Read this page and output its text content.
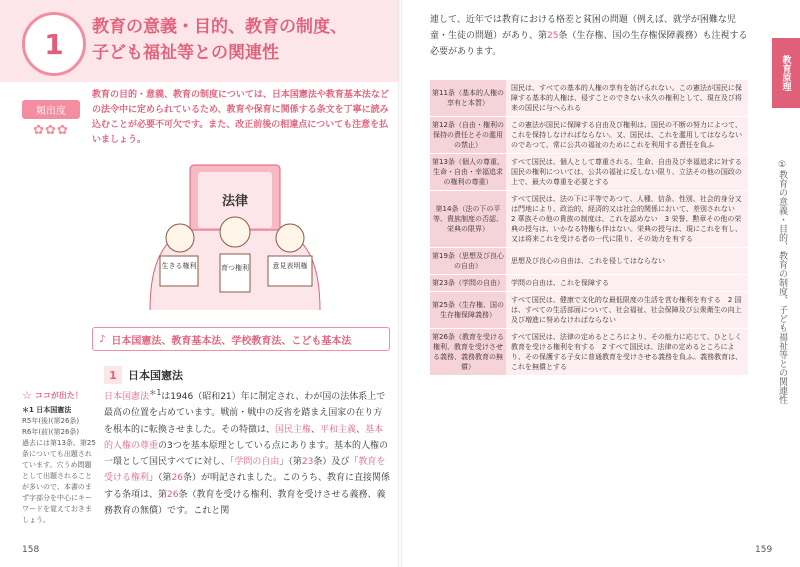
1
教育の意義・目的、教育の制度、
子ども福祉等との関連性
頻出度
✿✿✿
教育の目的・意義、教育の制度については、日本国憲法や教育基本法などの法令中に定められているため、教育や保育に関係する条文を丁寧に読み込むことが必要不可欠です。また、改正前後の相違点についても注意を払いましょう。
法律
生きる権利	育つ権利	意見表明権
♪ 日本国憲法、教育基本法、学校教育法、こども基本法
1	日本国憲法
☆ ココが出た！
＊1 日本国憲法
R5年(後)(第26条)
R6年(前)(第26条)
過去には第13条、第25条についても出題されています。穴うめ問題として出題されることが多いので、本書のまず字部分を中心にキーワードを覚えておきましょう。
日本国憲法$^{*1}$は1946（昭和21）年に制定され、わが国の法体系上で最高の位置を占めています。戦前・戦中の反省を踏まえ国家の在り方を根本的に転換させました。その特徴は、国民主権、平和主義、基本的人権の尊重の3つを基本原理としている点にあります。基本的人権の一環として国民すべてに対し、「学問の自由」（第23条）及び「教育を受ける権利」（第26条）が明記されました。このうち、教育に直接関係する条項は、第26条（教育を受ける権利、教育を受けさせる義務、義務教育の無償）です。これと関
158
連して、近年では教育における格差と貧困の問題（例えば、就学が困難な児童・生徒の問題）があり、第25条（生存権、国の生存権保障義務）も注視する必要があります。
第11条（基本的人権の享有と本質）	国民は、すべての基本的人権の享有を妨げられない。この憲法が国民に保障する基本的人権は、侵すことのできない永久の権利として、現在及び将来の国民に与へられる
第12条（自由・権利の保持の責任とその濫用の禁止）	この憲法が国民に保障する自由及び権利は、国民の不断の努力によつて、これを保持しなければならない。又、国民は、これを濫用してはならないのであつて、常に公共の福祉のためにこれを利用する責任を負ふ
第13条（個人の尊重、生命・自由・幸福追求の権利の尊重）	すべて国民は、個人として尊重される。生命、自由及び幸福追求に対する国民の権利については、公共の福祉に反しない限り、立法その他の国政の上で、最大の尊重を必要とする
第14条（法の下の平等、貴族制度の否認、栄典の限界）	すべて国民は、法の下に平等であつて、人種、信条、性別、社会的身分又は門地により、政治的、経済的又は社会的関係において、差別されない　2 華族その他の貴族の制度は、これを認めない　3 栄誉、勲章その他の栄典の授与は、いかなる特権も伴はない。栄典の授与は、現にこれを有し、又は将来これを受ける者の一代に限り、その効力を有する
第19条（思想及び良心の自由）	思想及び良心の自由は、これを侵してはならない
第23条（学問の自由）	学問の自由は、これを保障する
第25条（生存権、国の生存権保障義務）	すべて国民は、健康で文化的な最低限度の生活を営む権利を有する　2 国は、すべての生活部面について、社会福祉、社会保障及び公衆衛生の向上及び増進に努めなければならない
第26条（教育を受ける権利、教育を受けさせる義務、義務教育の無償）	すべて国民は、法律の定めるところにより、その能力に応じて、ひとしく教育を受ける権利を有する　2 すべて国民は、法律の定めるところにより、その保護する子女に普通教育を受けさせる義務を負ふ。義務教育は、これを無償とする
教育原理
①教育の意義・目的、教育の制度、子ども福祉等との関連性
159
